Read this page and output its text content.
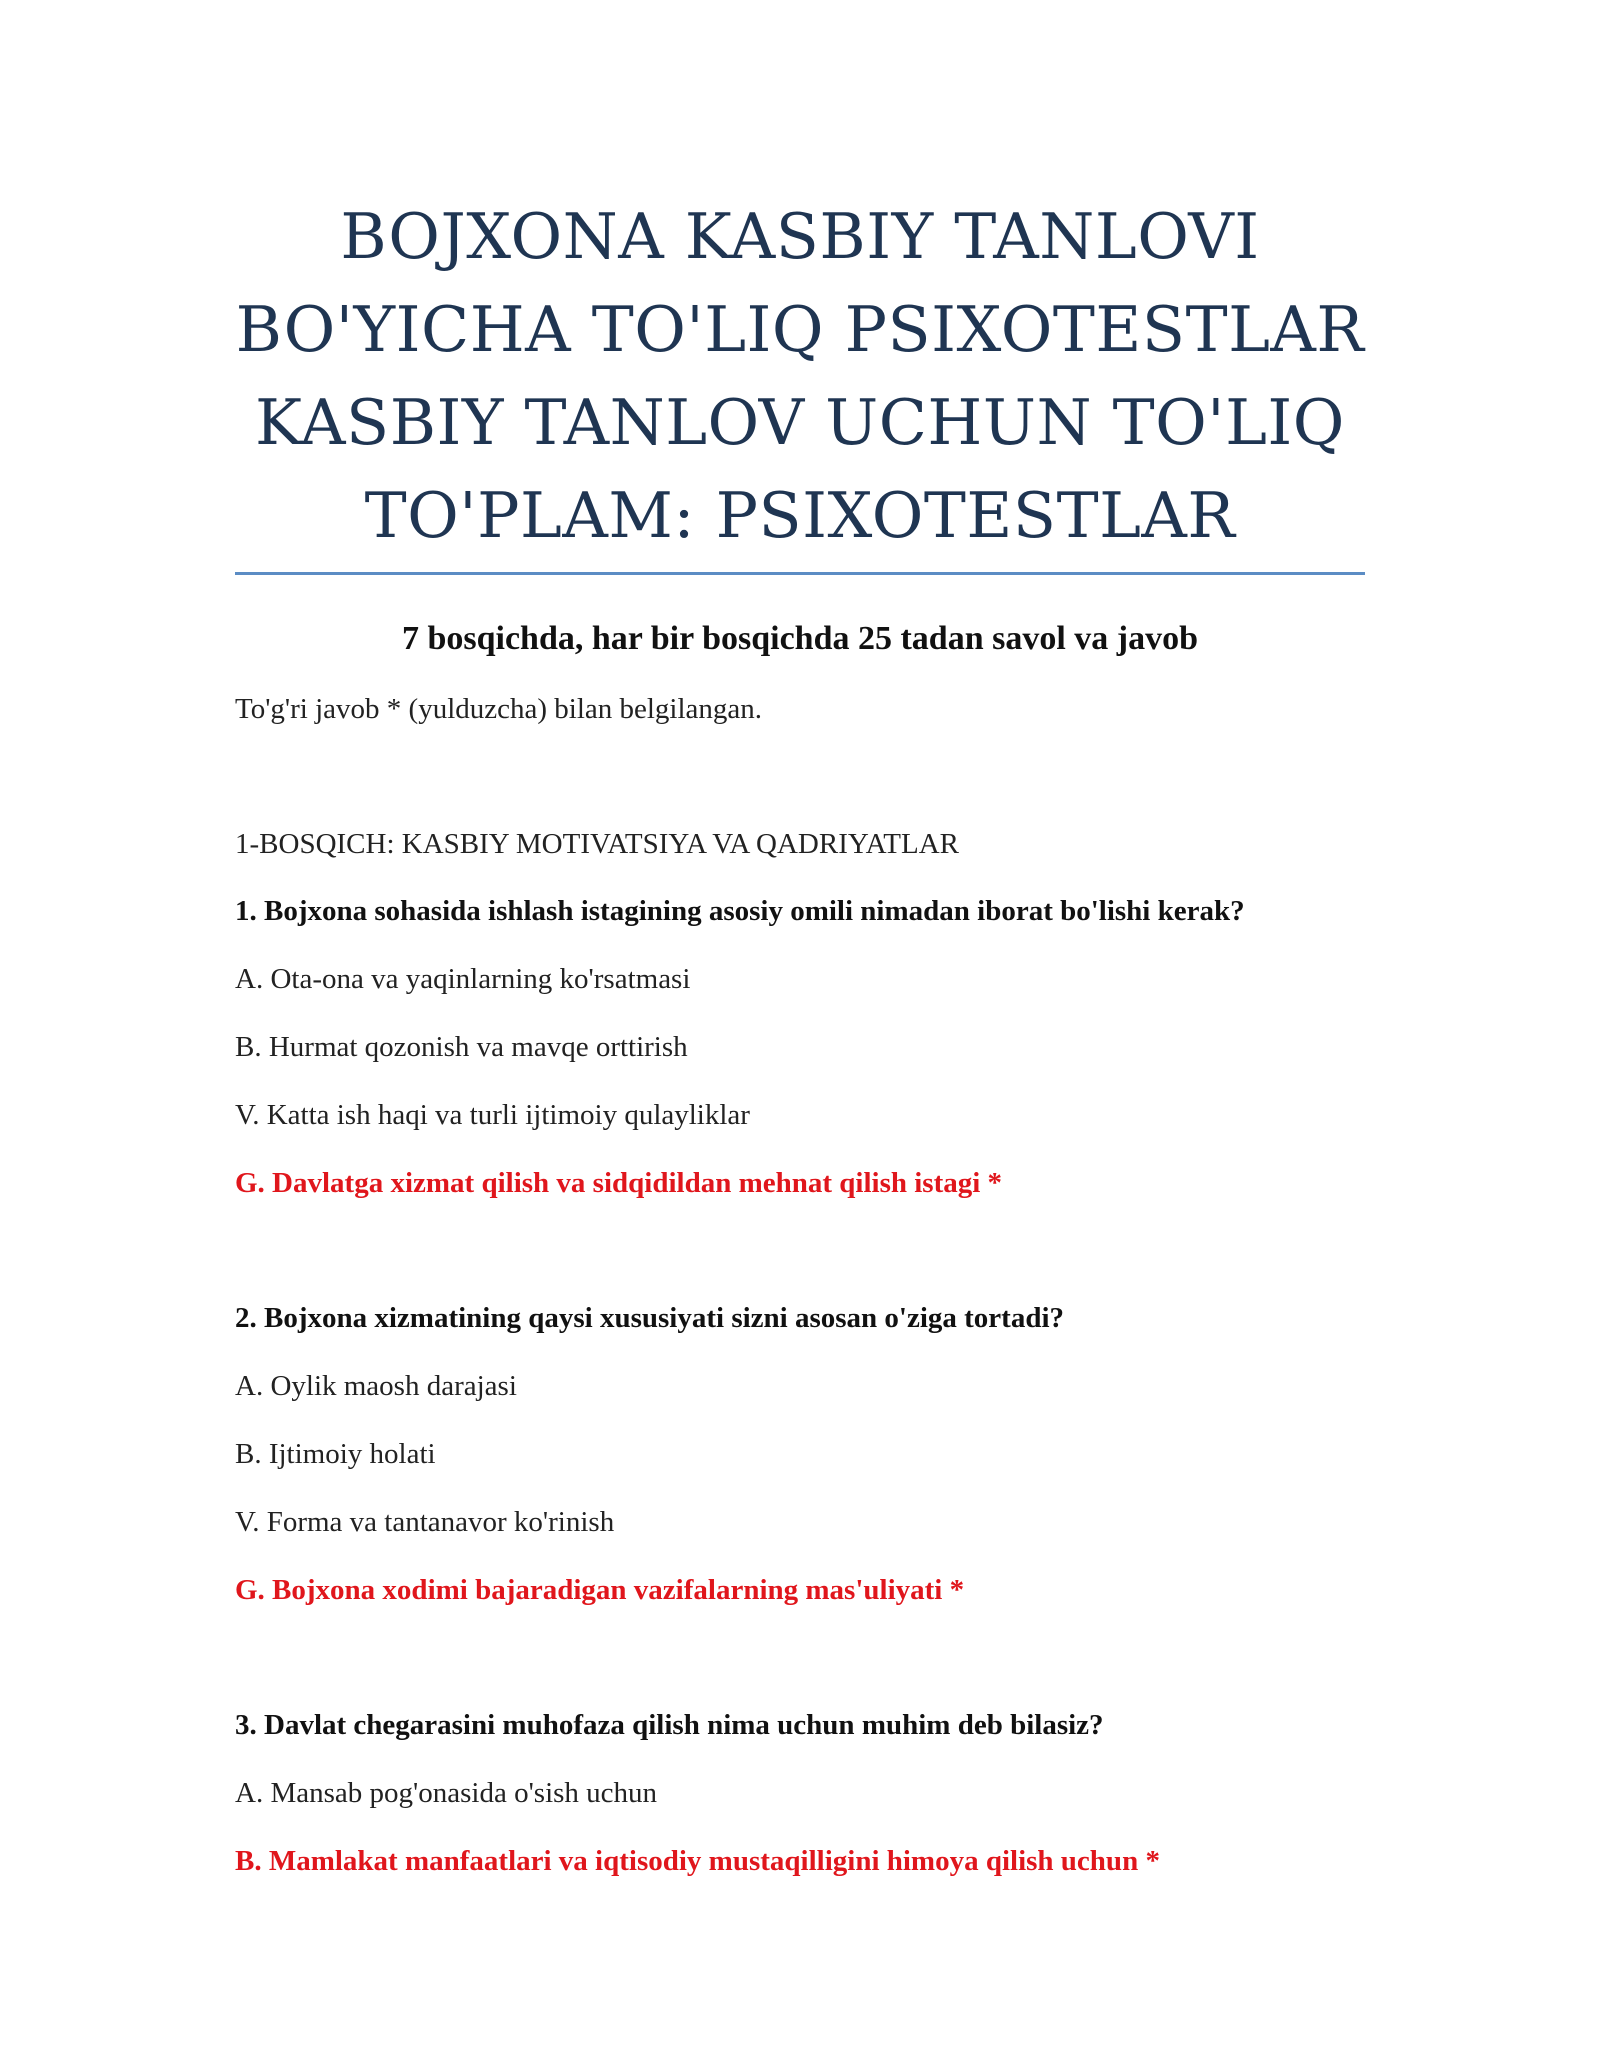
BOJXONA KASBIY TANLOVI
BO'YICHA TO'LIQ PSIXOTESTLAR
KASBIY TANLOV UCHUN TO'LIQ
TO'PLAM: PSIXOTESTLAR

7 bosqichda, har bir bosqichda 25 tadan savol va javob

To'g'ri javob * (yulduzcha) bilan belgilangan.

1-BOSQICH: KASBIY MOTIVATSIYA VA QADRIYATLAR

1. Bojxona sohasida ishlash istagining asosiy omili nimadan iborat bo'lishi kerak?

A. Ota-ona va yaqinlarning ko'rsatmasi

B. Hurmat qozonish va mavqe orttirish

V. Katta ish haqi va turli ijtimoiy qulayliklar

G. Davlatga xizmat qilish va sidqidildan mehnat qilish istagi *

2. Bojxona xizmatining qaysi xususiyati sizni asosan o'ziga tortadi?

A. Oylik maosh darajasi

B. Ijtimoiy holati

V. Forma va tantanavor ko'rinish

G. Bojxona xodimi bajaradigan vazifalarning mas'uliyati *

3. Davlat chegarasini muhofaza qilish nima uchun muhim deb bilasiz?

A. Mansab pog'onasida o'sish uchun

B. Mamlakat manfaatlari va iqtisodiy mustaqilligini himoya qilish uchun *
